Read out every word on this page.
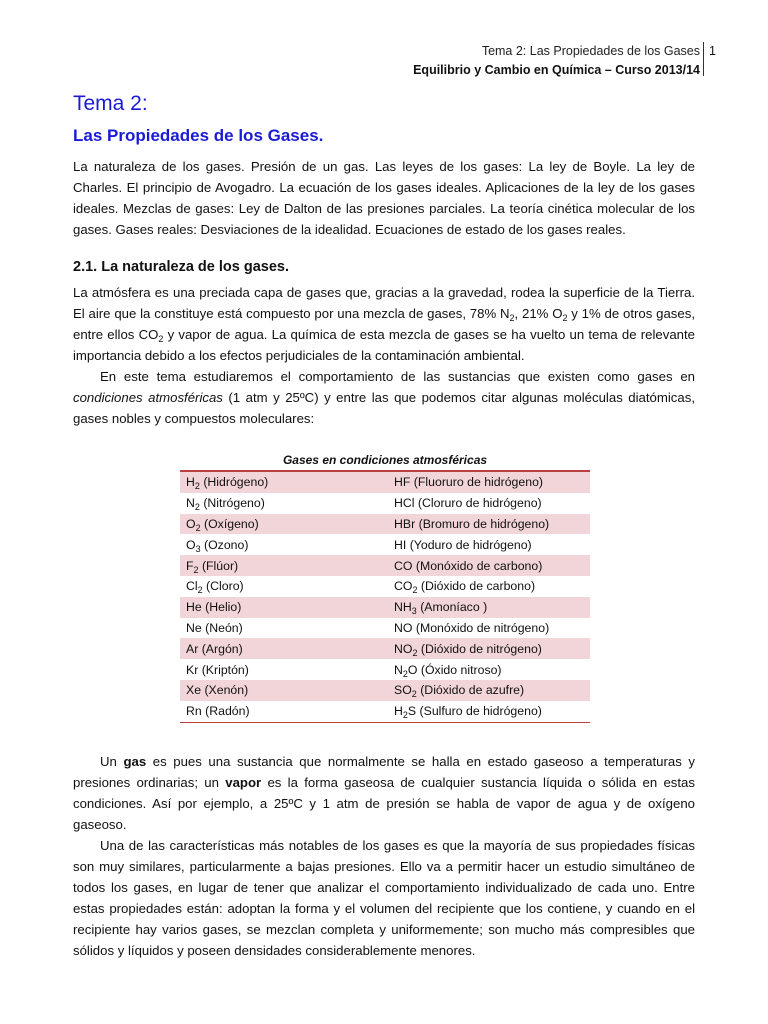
Tema 2: Las Propiedades de los Gases
Equilibrio y Cambio en Química – Curso 2013/14
1
Tema 2:
Las Propiedades de los Gases.

La naturaleza de los gases. Presión de un gas. Las leyes de los gases: La ley de Boyle. La ley de Charles. El principio de Avogadro. La ecuación de los gases ideales. Aplicaciones de la ley de los gases ideales. Mezclas de gases: Ley de Dalton de las presiones parciales. La teoría cinética molecular de los gases. Gases reales: Desviaciones de la idealidad. Ecuaciones de estado de los gases reales.

2.1. La naturaleza de los gases.

La atmósfera es una preciada capa de gases que, gracias a la gravedad, rodea la superficie de la Tierra. El aire que la constituye está compuesto por una mezcla de gases, 78% $N_2$, 21% $O_2$ y 1% de otros gases, entre ellos $CO_2$ y vapor de agua. La química de esta mezcla de gases se ha vuelto un tema de relevante importancia debido a los efectos perjudiciales de la contaminación ambiental.

En este tema estudiaremos el comportamiento de las sustancias que existen como gases en condiciones atmosféricas (1 atm y 25ºC) y entre las que podemos citar algunas moléculas diatómicas, gases nobles y compuestos moleculares:

Gases en condiciones atmosféricas
$H_2$ (Hidrógeno)	HF (Fluoruro de hidrógeno)
$N_2$ (Nitrógeno)	HCl (Cloruro de hidrógeno)
$O_2$ (Oxígeno)	HBr (Bromuro de hidrógeno)
$O_3$ (Ozono)	HI (Yoduro de hidrógeno)
$F_2$ (Flúor)	CO (Monóxido de carbono)
$Cl_2$ (Cloro)	$CO_2$ (Dióxido de carbono)
He (Helio)	$NH_3$ (Amoníaco )
Ne (Neón)	NO (Monóxido de nitrógeno)
Ar (Argón)	$NO_2$ (Dióxido de nitrógeno)
Kr (Kriptón)	$N_2O$ (Óxido nitroso)
Xe (Xenón)	$SO_2$ (Dióxido de azufre)
Rn (Radón)	$H_2S$ (Sulfuro de hidrógeno)

Un gas es pues una sustancia que normalmente se halla en estado gaseoso a temperaturas y presiones ordinarias; un vapor es la forma gaseosa de cualquier sustancia líquida o sólida en estas condiciones. Así por ejemplo, a 25ºC y 1 atm de presión se habla de vapor de agua y de oxígeno gaseoso.

Una de las características más notables de los gases es que la mayoría de sus propiedades físicas son muy similares, particularmente a bajas presiones. Ello va a permitir hacer un estudio simultáneo de todos los gases, en lugar de tener que analizar el comportamiento individualizado de cada uno. Entre estas propiedades están: adoptan la forma y el volumen del recipiente que los contiene, y cuando en el recipiente hay varios gases, se mezclan completa y uniformemente; son mucho más compresibles que sólidos y líquidos y poseen densidades considerablemente menores.
